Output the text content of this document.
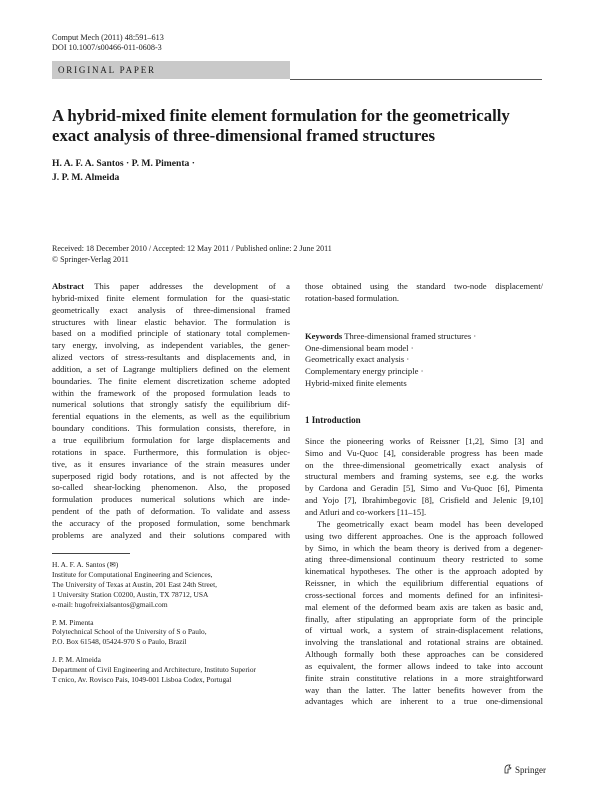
Comput Mech (2011) 48:591–613
DOI 10.1007/s00466-011-0608-3
ORIGINAL PAPER
A hybrid-mixed finite element formulation for the geometrically
exact analysis of three-dimensional framed structures
H. A. F. A. Santos · P. M. Pimenta ·
J. P. M. Almeida
Received: 18 December 2010 / Accepted: 12 May 2011 / Published online: 2 June 2011
© Springer-Verlag 2011
Abstract This paper addresses the development of a
hybrid-mixed finite element formulation for the quasi-static
geometrically exact analysis of three-dimensional framed
structures with linear elastic behavior. The formulation is
based on a modified principle of stationary total complemen-
tary energy, involving, as independent variables, the gener-
alized vectors of stress-resultants and displacements and, in
addition, a set of Lagrange multipliers defined on the element
boundaries. The finite element discretization scheme adopted
within the framework of the proposed formulation leads to
numerical solutions that strongly satisfy the equilibrium dif-
ferential equations in the elements, as well as the equilibrium
boundary conditions. This formulation consists, therefore, in
a true equilibrium formulation for large displacements and
rotations in space. Furthermore, this formulation is objec-
tive, as it ensures invariance of the strain measures under
superposed rigid body rotations, and is not affected by the
so-called shear-locking phenomenon. Also, the proposed
formulation produces numerical solutions which are inde-
pendent of the path of deformation. To validate and assess
the accuracy of the proposed formulation, some benchmark
problems are analyzed and their solutions compared with
those obtained using the standard two-node displacement/
rotation-based formulation.
Keywords Three-dimensional framed structures ·
One-dimensional beam model ·
Geometrically exact analysis ·
Complementary energy principle ·
Hybrid-mixed finite elements
1 Introduction
Since the pioneering works of Reissner [1,2], Simo [3] and
Simo and Vu-Quoc [4], considerable progress has been made
on the three-dimensional geometrically exact analysis of
structural members and framing systems, see e.g. the works
by Cardona and Geradin [5], Simo and Vu-Quoc [6], Pimenta
and Yojo [7], Ibrahimbegovic [8], Crisfield and Jelenic [9,10]
and Atluri and co-workers [11–15].
The geometrically exact beam model has been developed
using two different approaches. One is the approach followed
by Simo, in which the beam theory is derived from a degener-
ating three-dimensional continuum theory restricted to some
kinematical hypotheses. The other is the approach adopted by
Reissner, in which the equilibrium differential equations of
cross-sectional forces and moments defined for an infinitesi-
mal element of the deformed beam axis are taken as basic and,
finally, after stipulating an appropriate form of the principle
of virtual work, a system of strain-displacement relations,
involving the translational and rotational strains are obtained.
Although formally both these approaches can be considered
as equivalent, the former allows indeed to take into account
finite strain constitutive relations in a more straightforward
way than the latter. The latter benefits however from the
advantages which are inherent to a true one-dimensional
H. A. F. A. Santos (✉)
Institute for Computational Engineering and Sciences,
The University of Texas at Austin, 201 East 24th Street,
1 University Station C0200, Austin, TX 78712, USA
e-mail: hugofreixialsantos@gmail.com
P. M. Pimenta
Polytechnical School of the University of S o Paulo,
P.O. Box 61548, 05424-970 S o Paulo, Brazil
J. P. M. Almeida
Department of Civil Engineering and Architecture, Instituto Superior
T cnico, Av. Rovisco Pais, 1049-001 Lisboa Codex, Portugal
Springer
